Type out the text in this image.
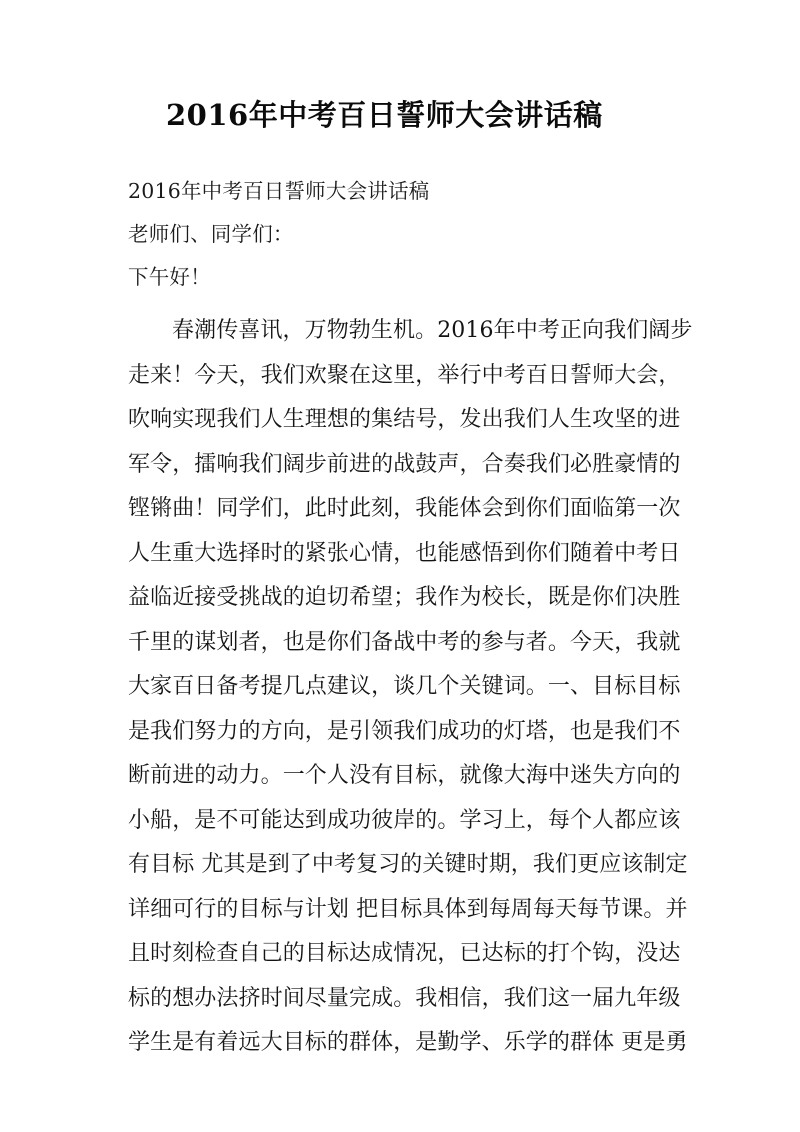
2016年中考百日誓师大会讲话稿

2016年中考百日誓师大会讲话稿

老师们、同学们：

下午好！

春潮传喜讯，万物勃生机。2016年中考正向我们阔步
走来！今天，我们欢聚在这里，举行中考百日誓师大会，
吹响实现我们人生理想的集结号，发出我们人生攻坚的进
军令，擂响我们阔步前进的战鼓声，合奏我们必胜豪情的
铿锵曲！同学们，此时此刻，我能体会到你们面临第一次
人生重大选择时的紧张心情，也能感悟到你们随着中考日
益临近接受挑战的迫切希望；我作为校长，既是你们决胜
千里的谋划者，也是你们备战中考的参与者。今天，我就
大家百日备考提几点建议，谈几个关键词。一、目标目标
是我们努力的方向，是引领我们成功的灯塔，也是我们不
断前进的动力。一个人没有目标，就像大海中迷失方向的
小船，是不可能达到成功彼岸的。学习上，每个人都应该
有目标 尤其是到了中考复习的关键时期，我们更应该制定
详细可行的目标与计划 把目标具体到每周每天每节课。并
且时刻检查自己的目标达成情况，已达标的打个钩，没达
标的想办法挤时间尽量完成。我相信，我们这一届九年级
学生是有着远大目标的群体，是勤学、乐学的群体 更是勇
